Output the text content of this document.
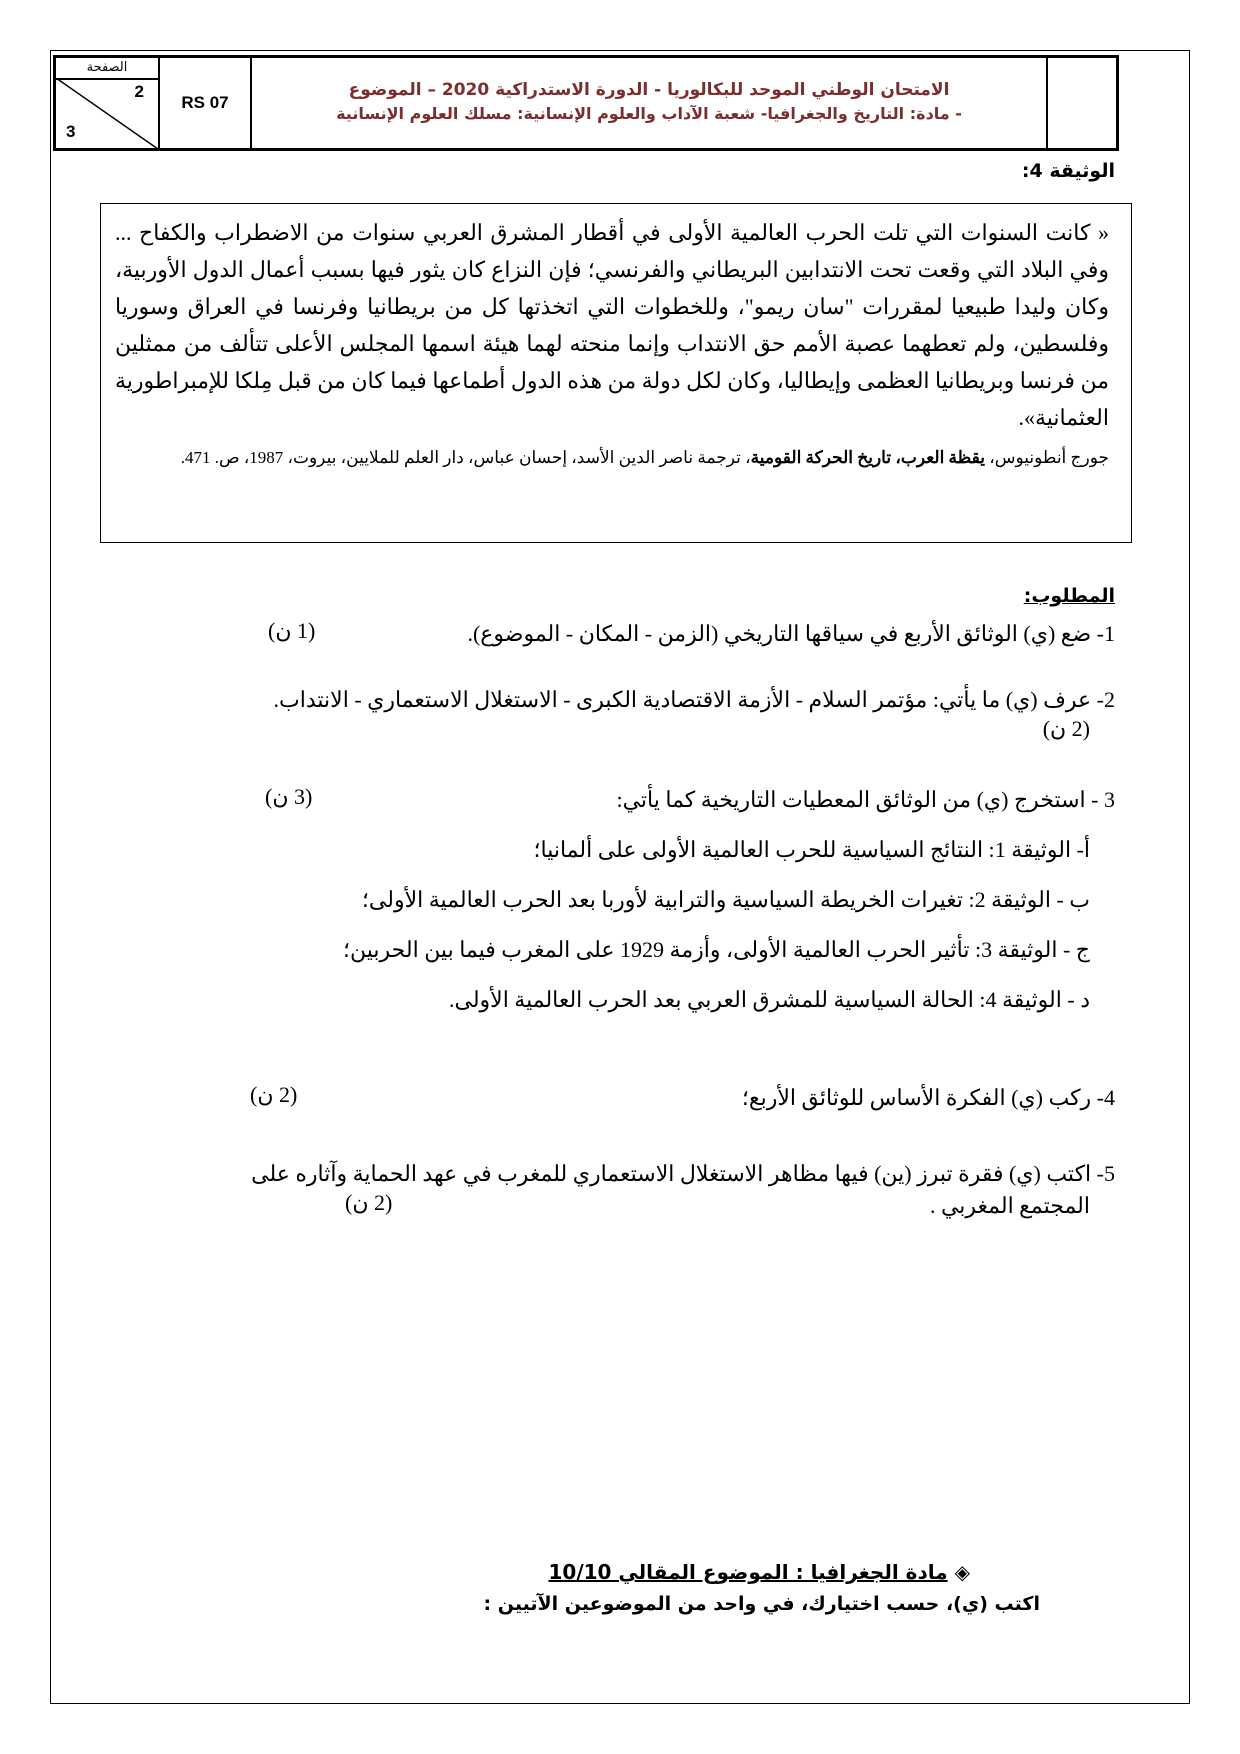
الصفحة
2
3
RS 07
الامتحان الوطني الموحد للبكالوريا - الدورة الاستدراكية 2020 – الموضوع
- مادة: التاريخ والجغرافيا- شعبة الآداب والعلوم الإنسانية: مسلك العلوم الإنسانية
الوثيقة 4:
« كانت السنوات التي تلت الحرب العالمية الأولى في أقطار المشرق العربي سنوات من الاضطراب والكفاح ... وفي البلاد التي وقعت تحت الانتدابين البريطاني والفرنسي؛ فإن النزاع كان يثور فيها بسبب أعمال الدول الأوربية، وكان وليدا طبيعيا لمقررات "سان ريمو"، وللخطوات التي اتخذتها كل من بريطانيا وفرنسا في العراق وسوريا وفلسطين، ولم تعطهما عصبة الأمم حق الانتداب وإنما منحته لهما هيئة اسمها المجلس الأعلى تتألف من ممثلين من فرنسا وبريطانيا العظمى وإيطاليا، وكان لكل دولة من هذه الدول أطماعها فيما كان من قبل مِلكا للإمبراطورية العثمانية».
جورج أنطونيوس، يقظة العرب، تاريخ الحركة القومية، ترجمة ناصر الدين الأسد، إحسان عباس، دار العلم للملايين، بيروت، 1987، ص. 471.
المطلوب:
1- ضع (ي) الوثائق الأربع في سياقها التاريخي (الزمن - المكان - الموضوع).
(1 ن)
2- عرف (ي) ما يأتي: مؤتمر السلام - الأزمة الاقتصادية الكبرى - الاستغلال الاستعماري - الانتداب.
(2 ن)
3 - استخرج (ي) من الوثائق المعطيات التاريخية كما يأتي:
(3 ن)
أ- الوثيقة 1: النتائج السياسية للحرب العالمية الأولى على ألمانيا؛
ب - الوثيقة 2: تغيرات الخريطة السياسية والترابية لأوربا بعد الحرب العالمية الأولى؛
ج - الوثيقة 3: تأثير الحرب العالمية الأولى، وأزمة 1929 على المغرب فيما بين الحربين؛
د - الوثيقة 4: الحالة السياسية للمشرق العربي بعد الحرب العالمية الأولى.
4- ركب (ي) الفكرة الأساس للوثائق الأربع؛
(2 ن)
5- اكتب (ي) فقرة تبرز (ين) فيها مظاهر الاستغلال الاستعماري للمغرب في عهد الحماية وآثاره على
المجتمع المغربي .
(2 ن)
◈ مادة الجغرافيا : الموضوع المقالي 10/10
اكتب (ي)، حسب اختيارك، في واحد من الموضوعين الآتيين :
